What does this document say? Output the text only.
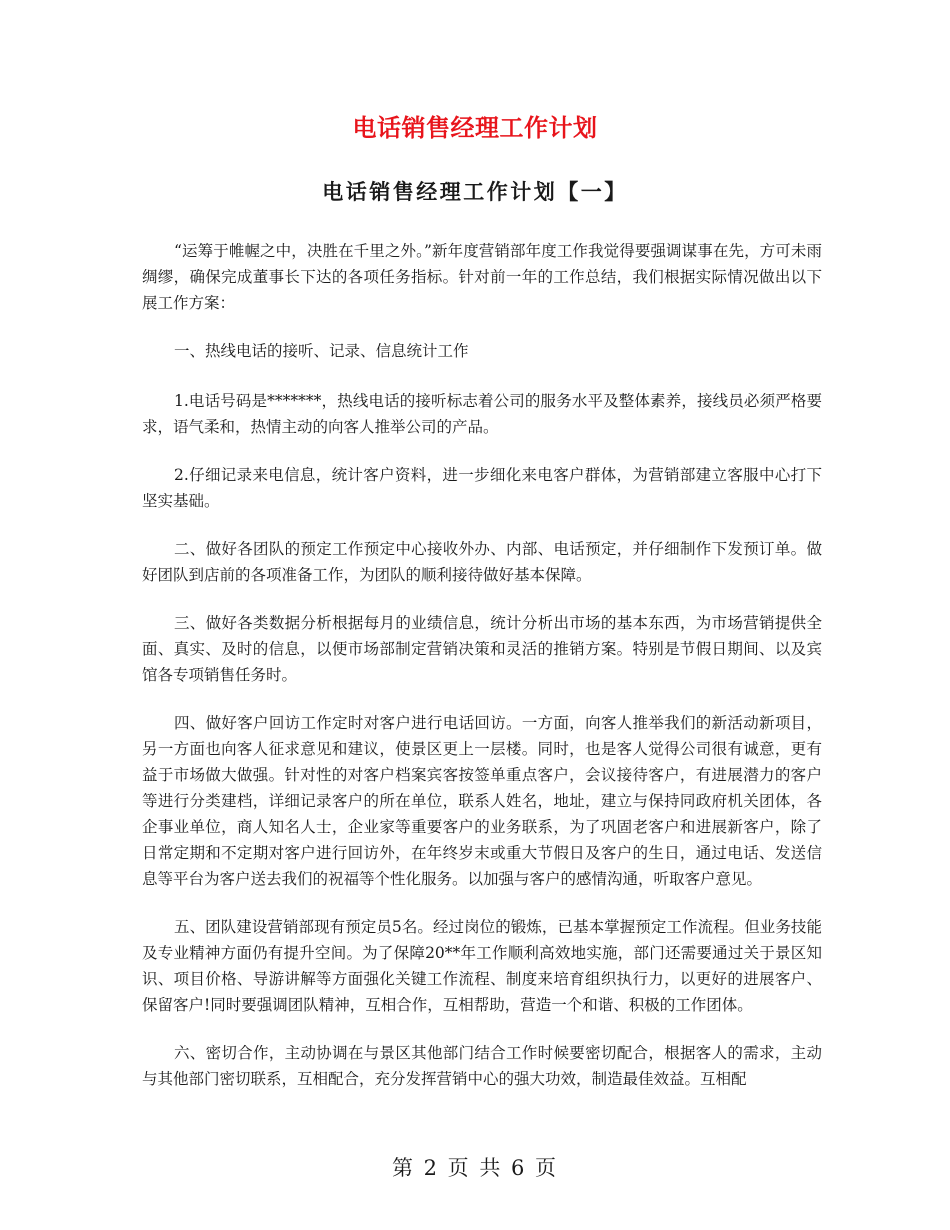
电话销售经理工作计划
电话销售经理工作计划【一】

“运筹于帷幄之中，决胜在千里之外。”新年度营销部年度工作我觉得要强调谋事在先，方可未雨绸缪，确保完成董事长下达的各项任务指标。针对前一年的工作总结，我们根据实际情况做出以下展工作方案：

一、热线电话的接听、记录、信息统计工作

1.电话号码是*******，热线电话的接听标志着公司的服务水平及整体素养，接线员必须严格要求，语气柔和，热情主动的向客人推举公司的产品。

2.仔细记录来电信息，统计客户资料，进一步细化来电客户群体，为营销部建立客服中心打下坚实基础。

二、做好各团队的预定工作预定中心接收外办、内部、电话预定，并仔细制作下发预订单。做好团队到店前的各项准备工作，为团队的顺利接待做好基本保障。

三、做好各类数据分析根据每月的业绩信息，统计分析出市场的基本东西，为市场营销提供全面、真实、及时的信息，以便市场部制定营销决策和灵活的推销方案。特别是节假日期间、以及宾馆各专项销售任务时。

四、做好客户回访工作定时对客户进行电话回访。一方面，向客人推举我们的新活动新项目，另一方面也向客人征求意见和建议，使景区更上一层楼。同时，也是客人觉得公司很有诚意，更有益于市场做大做强。针对性的对客户档案宾客按签单重点客户，会议接待客户，有进展潜力的客户等进行分类建档，详细记录客户的所在单位，联系人姓名，地址，建立与保持同政府机关团体，各企事业单位，商人知名人士，企业家等重要客户的业务联系，为了巩固老客户和进展新客户，除了日常定期和不定期对客户进行回访外，在年终岁末或重大节假日及客户的生日，通过电话、发送信息等平台为客户送去我们的祝福等个性化服务。以加强与客户的感情沟通，听取客户意见。

五、团队建设营销部现有预定员5名。经过岗位的锻炼，已基本掌握预定工作流程。但业务技能及专业精神方面仍有提升空间。为了保障20**年工作顺利高效地实施，部门还需要通过关于景区知识、项目价格、导游讲解等方面强化关键工作流程、制度来培育组织执行力，以更好的进展客户、保留客户!同时要强调团队精神，互相合作，互相帮助，营造一个和谐、积极的工作团体。

六、密切合作，主动协调在与景区其他部门结合工作时候要密切配合，根据客人的需求，主动与其他部门密切联系，互相配合，充分发挥营销中心的强大功效，制造最佳效益。互相配

第 2 页 共 6 页
